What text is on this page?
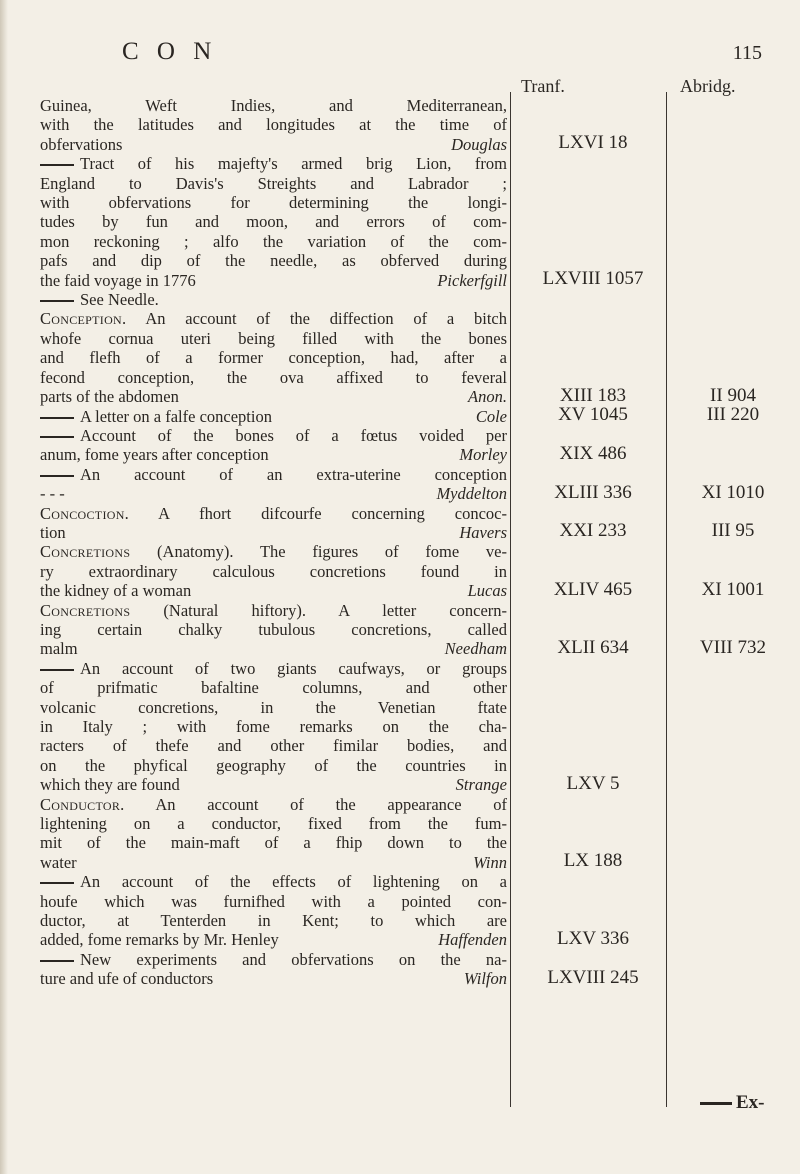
C O N	115
Tranf.	Abridg.
Guinea, Weft Indies, and Mediterranean,
with the latitudes and longitudes at the time of
obfervations	Douglas	LXVI 18
Tract of his majefty's armed brig Lion, from
England to Davis's Streights and Labrador ;
with obfervations for determining the longi-
tudes by fun and moon, and errors of com-
mon reckoning ; alfo the variation of the com-
pafs and dip of the needle, as obferved during
the faid voyage in 1776	Pickerfgill	LXVIII 1057
See Needle.
Conception. An account of the diffection of a bitch
whofe cornua uteri being filled with the bones
and flefh of a former conception, had, after a
fecond conception, the ova affixed to feveral
parts of the abdomen	Anon.	XIII 183	II 904
A letter on a falfe conception	Cole	XV 1045	III 220
Account of the bones of a fœtus voided per
anum, fome years after conception	Morley	XIX 486
An account of an extra-uterine conception
- - -	Myddelton	XLIII 336	XI 1010
Concoction. A fhort difcourfe concerning concoc-
tion	Havers	XXI 233	III 95
Concretions (Anatomy). The figures of fome ve-
ry extraordinary calculous concretions found in
the kidney of a woman	Lucas	XLIV 465	XI 1001
Concretions (Natural hiftory). A letter concern-
ing certain chalky tubulous concretions, called
malm	Needham	XLII 634	VIII 732
An account of two giants caufways, or groups
of prifmatic bafaltine columns, and other
volcanic concretions, in the Venetian ftate
in Italy ; with fome remarks on the cha-
racters of thefe and other fimilar bodies, and
on the phyfical geography of the countries in
which they are found	Strange	LXV 5
Conductor. An account of the appearance of
lightening on a conductor, fixed from the fum-
mit of the main-maft of a fhip down to the
water	Winn	LX 188
An account of the effects of lightening on a
houfe which was furnifhed with a pointed con-
ductor, at Tenterden in Kent; to which are
added, fome remarks by Mr. Henley	Haffenden	LXV 336
New experiments and obfervations on the na-
ture and ufe of conductors	Wilfon	LXVIII 245
Ex-
